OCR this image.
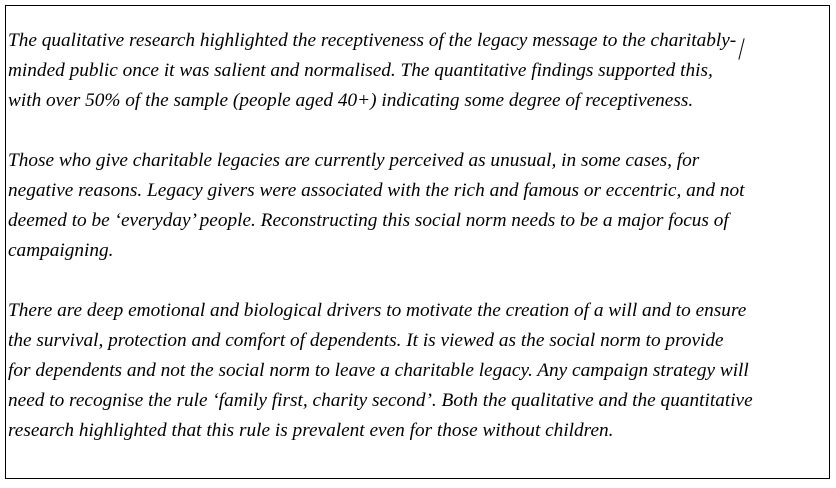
The qualitative research highlighted the receptiveness of the legacy message to the charitably-
minded public once it was salient and normalised. The quantitative findings supported this,
with over 50% of the sample (people aged 40+) indicating some degree of receptiveness.

Those who give charitable legacies are currently perceived as unusual, in some cases, for
negative reasons. Legacy givers were associated with the rich and famous or eccentric, and not
deemed to be ‘everyday’ people. Reconstructing this social norm needs to be a major focus of
campaigning.

There are deep emotional and biological drivers to motivate the creation of a will and to ensure
the survival, protection and comfort of dependents. It is viewed as the social norm to provide
for dependents and not the social norm to leave a charitable legacy. Any campaign strategy will
need to recognise the rule ‘family first, charity second’. Both the qualitative and the quantitative
research highlighted that this rule is prevalent even for those without children.
